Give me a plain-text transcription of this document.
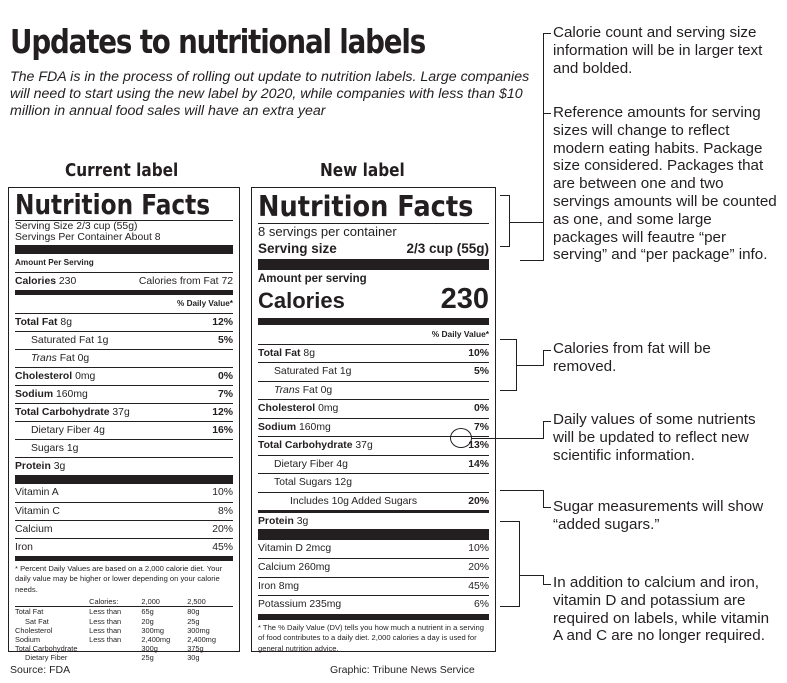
Updates to nutritional labels
The FDA is in the process of rolling out update to nutrition labels. Large companies will need to start using the new label by 2020, while companies with less than $10 million in annual food sales will have an extra year
Current label	New label
Nutrition Facts
Serving Size 2/3 cup (55g)
Servings Per Container About 8
Amount Per Serving
Calories 230	Calories from Fat 72
% Daily Value*
Total Fat 8g	12%
Saturated Fat 1g	5%
Trans Fat 0g
Cholesterol 0mg	0%
Sodium 160mg	7%
Total Carbohydrate 37g	12%
Dietary Fiber 4g	16%
Sugars 1g
Protein 3g
Vitamin A	10%
Vitamin C	8%
Calcium	20%
Iron	45%
* Percent Daily Values are based on a 2,000 calorie diet. Your daily value may be higher or lower depending on your calorie needs.
	Calories:	2,000	2,500
Total Fat	Less than	65g	80g
Sat Fat	Less than	20g	25g
Cholesterol	Less than	300mg	300mg
Sodium	Less than	2,400mg	2,400mg
Total Carbohydrate		300g	375g
Dietary Fiber		25g	30g
Nutrition Facts
8 servings per container
Serving size	2/3 cup (55g)
Amount per serving
Calories	230
% Daily Value*
Total Fat 8g	10%
Saturated Fat 1g	5%
Trans Fat 0g
Cholesterol 0mg	0%
Sodium 160mg	7%
Total Carbohydrate 37g	13%
Dietary Fiber 4g	14%
Total Sugars 12g
Includes 10g Added Sugars	20%
Protein 3g
Vitamin D 2mcg	10%
Calcium 260mg	20%
Iron 8mg	45%
Potassium 235mg	6%
* The % Daily Value (DV) tells you how much a nutrient in a serving of food contributes to a daily diet. 2,000 calories a day is used for general nutrition advice.
Calorie count and serving size information will be in larger text and bolded.
Reference amounts for serving sizes will change to reflect modern eating habits. Package size considered. Packages that are between one and two servings amounts will be counted as one, and some large packages will feautre “per serving” and “per package” info.
Calories from fat will be removed.
Daily values of some nutrients will be updated to reflect new scientific information.
Sugar measurements will show “added sugars.”
In addition to calcium and iron, vitamin D and potassium are required on labels, while vitamin A and C are no longer required.
Source: FDA	Graphic: Tribune News Service
